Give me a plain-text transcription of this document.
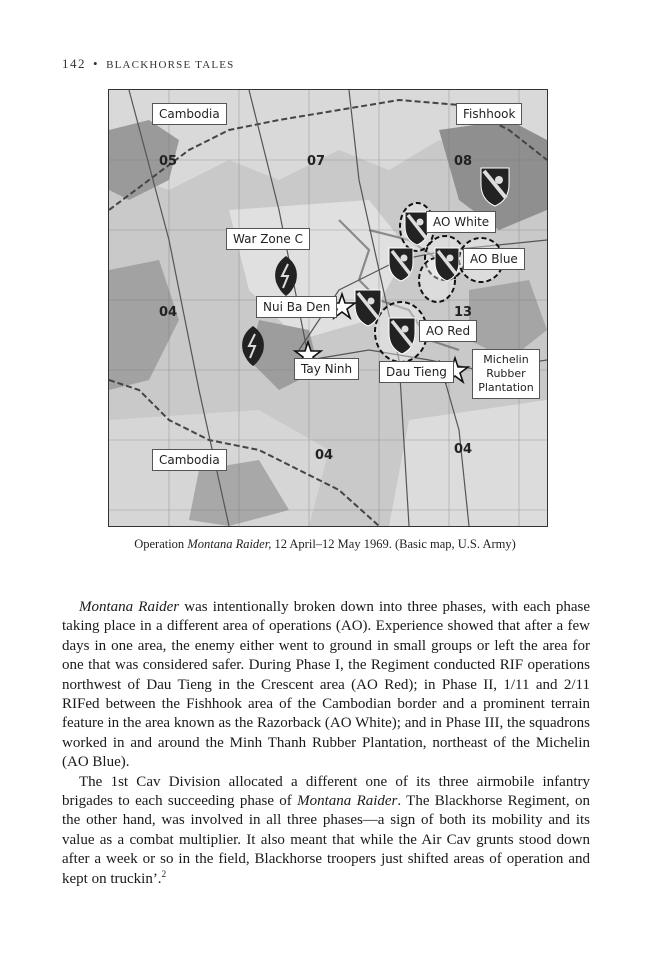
142 • BLACKHORSE TALES
Cambodia	Fishhook
War Zone C
AO White
AO Blue
Nui Ba Den
AO Red
Tay Ninh	Dau Tieng
Michelin Rubber Plantation
Cambodia
05	07	08
04	13
04	04
Operation Montana Raider, 12 April–12 May 1969. (Basic map, U.S. Army)

Montana Raider was intentionally broken down into three phases, with each phase taking place in a different area of operations (AO). Experience showed that after a few days in one area, the enemy either went to ground in small groups or left the area for one that was considered safer. During Phase I, the Regiment conducted RIF operations northwest of Dau Tieng in the Crescent area (AO Red); in Phase II, 1/11 and 2/11 RIFed between the Fishhook area of the Cambodian border and a prominent terrain feature in the area known as the Razorback (AO White); and in Phase III, the squadrons worked in and around the Minh Thanh Rubber Plantation, northeast of the Michelin (AO Blue).

The 1st Cav Division allocated a different one of its three airmobile infantry brigades to each succeeding phase of Montana Raider. The Blackhorse Regiment, on the other hand, was involved in all three phases—a sign of both its mobility and its value as a combat multiplier. It also meant that while the Air Cav grunts stood down after a week or so in the field, Blackhorse troopers just shifted areas of operation and kept on truckin’.$^2$
